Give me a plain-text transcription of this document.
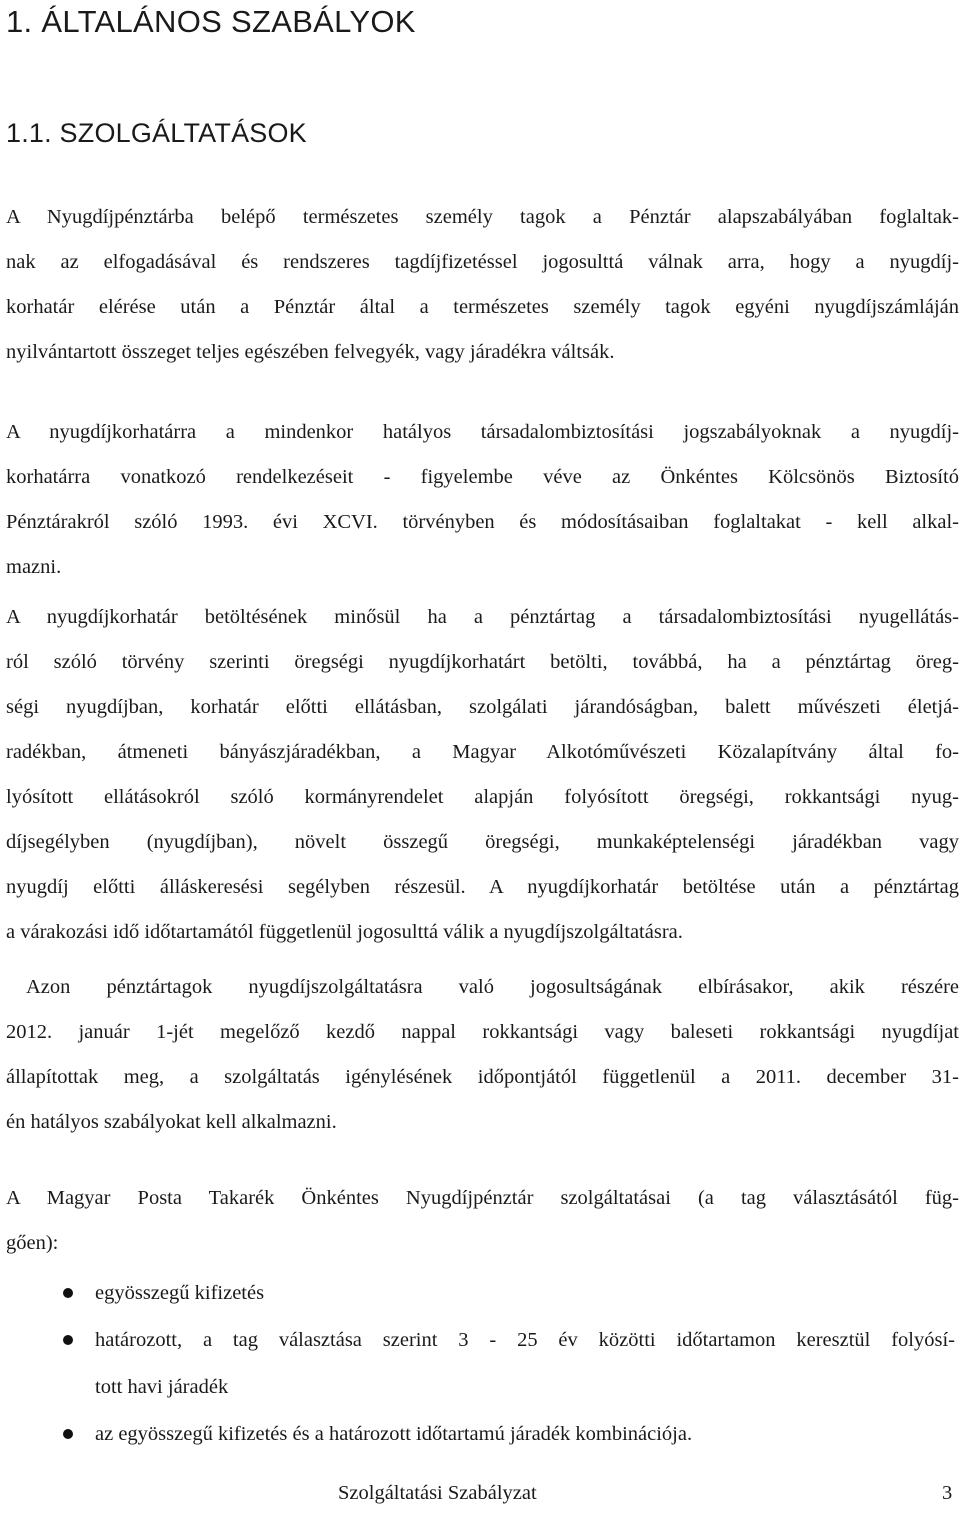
1. ÁLTALÁNOS SZABÁLYOK
1.1. SZOLGÁLTATÁSOK

A Nyugdíjpénztárba belépő természetes személy tagok a Pénztár alapszabályában foglaltak-
nak az elfogadásával és rendszeres tagdíjfizetéssel jogosulttá válnak arra, hogy a nyugdíj-
korhatár elérése után a Pénztár által a természetes személy tagok egyéni nyugdíjszámláján
nyilvántartott összeget teljes egészében felvegyék, vagy járadékra váltsák.

A nyugdíjkorhatárra a mindenkor hatályos társadalombiztosítási jogszabályoknak a nyugdíj-
korhatárra vonatkozó rendelkezéseit - figyelembe véve az Önkéntes Kölcsönös Biztosító
Pénztárakról szóló 1993. évi XCVI. törvényben és módosításaiban foglaltakat - kell alkal-
mazni.

A nyugdíjkorhatár betöltésének minősül ha a pénztártag a társadalombiztosítási nyugellátás-
ról szóló törvény szerinti öregségi nyugdíjkorhatárt betölti, továbbá, ha a pénztártag öreg-
ségi nyugdíjban, korhatár előtti ellátásban, szolgálati járandóságban, balett művészeti életjá-
radékban, átmeneti bányászjáradékban, a Magyar Alkotóművészeti Közalapítvány által fo-
lyósított ellátásokról szóló kormányrendelet alapján folyósított öregségi, rokkantsági nyug-
díjsegélyben (nyugdíjban), növelt összegű öregségi, munkaképtelenségi járadékban vagy
nyugdíj előtti álláskeresési segélyben részesül. A nyugdíjkorhatár betöltése után a pénztártag
a várakozási idő időtartamától függetlenül jogosulttá válik a nyugdíjszolgáltatásra.

Azon pénztártagok nyugdíjszolgáltatásra való jogosultságának elbírásakor, akik részére
2012. január 1-jét megelőző kezdő nappal rokkantsági vagy baleseti rokkantsági nyugdíjat
állapítottak meg, a szolgáltatás igénylésének időpontjától függetlenül a 2011. december 31-
én hatályos szabályokat kell alkalmazni.

A Magyar Posta Takarék Önkéntes Nyugdíjpénztár szolgáltatásai (a tag választásától füg-
gően):

egyösszegű kifizetés
határozott, a tag választása szerint 3 - 25 év közötti időtartamon keresztül folyósí-
tott havi járadék
az egyösszegű kifizetés és a határozott időtartamú járadék kombinációja.
Szolgáltatási Szabályzat	3
